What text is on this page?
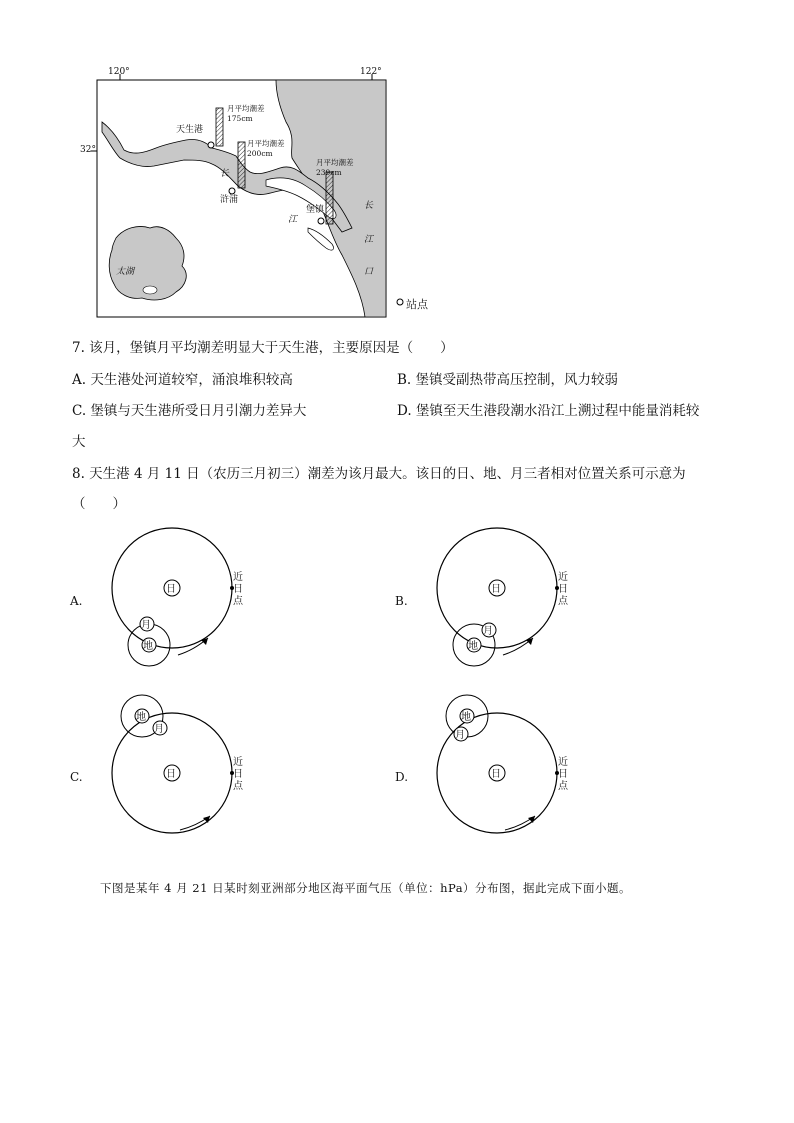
120°	122°
32°
天生港
浒浦
堡镇
月平均潮差
175cm
月平均潮差
200cm
月平均潮差
239cm
长
江
长
江
口
太湖
站点
7. 该月，堡镇月平均潮差明显大于天生港，主要原因是（　　）
A. 天生港处河道较窄，涌浪堆积较高	B. 堡镇受副热带高压控制，风力较弱
C. 堡镇与天生港所受日月引潮力差异大	D. 堡镇至天生港段潮水沿江上溯过程中能量消耗较
大
8. 天生港 4 月 11 日（农历三月初三）潮差为该月最大。该日的日、地、月三者相对位置关系可示意为
（　　）
日
地
月
近
日
点
A.
日
地
月
近
日
点
B.
日
地
月
近
日
点
C.	日
地
月
近
日
点
D.
下图是某年 4 月 21 日某时刻亚洲部分地区海平面气压（单位：hPa）分布图，据此完成下面小题。
